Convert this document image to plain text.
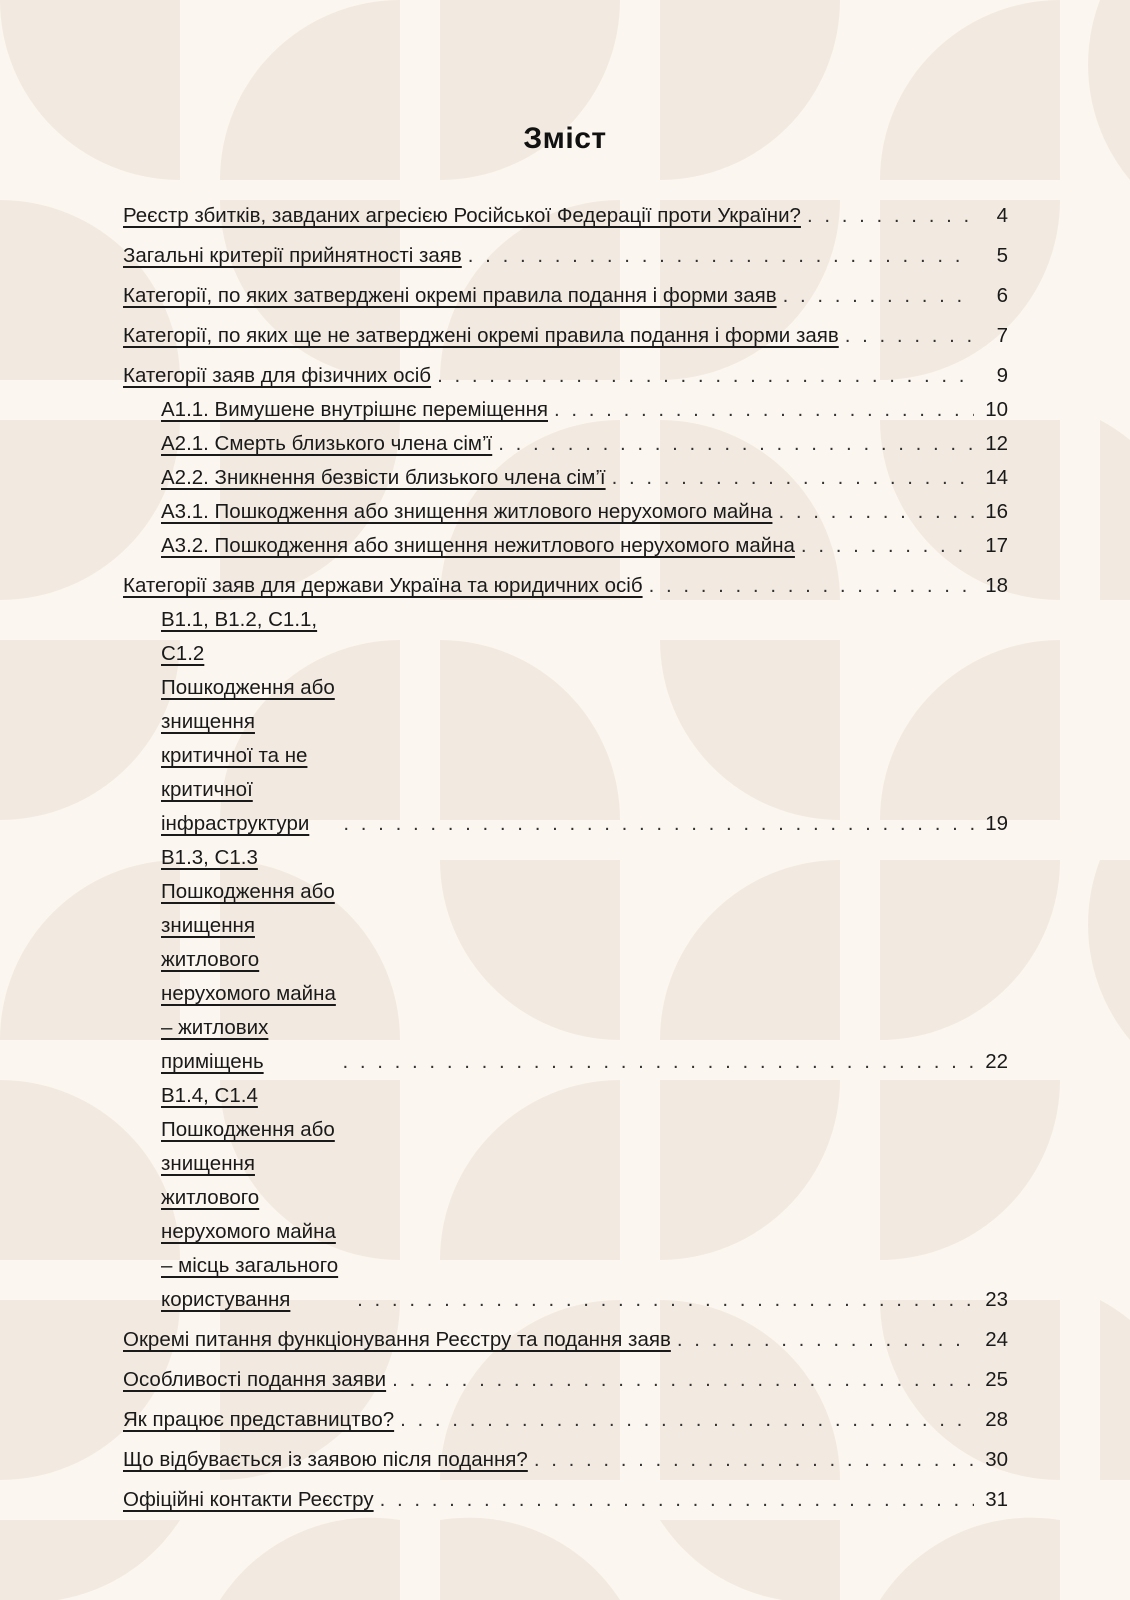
Зміст
Реєстр збитків, завданих агресією Російської Федерації проти України? . . .	4
Загальні критерії прийнятності заяв . . .	5
Категорії, по яких затверджені окремі правила подання і форми заяв . . .	6
Категорії, по яких ще не затверджені окремі правила подання і форми заяв . . .	7
Категорії заяв для фізичних осіб . . .	9
А1.1. Вимушене внутрішнє переміщення . . .	10
А2.1. Смерть близького члена сім’ї . . .	12
А2.2. Зникнення безвісти близького члена сім’ї . . .	14
А3.1. Пошкодження або знищення житлового нерухомого майна . . .	16
А3.2. Пошкодження або знищення нежитлового нерухомого майна . . .	17
Категорії заяв для держави Україна та юридичних осіб . . .	18
B1.1, B1.2, C1.1, C1.2 Пошкодження або знищення критичної та не критичної інфраструктури . . .	19
B1.3, C1.3 Пошкодження або знищення житлового нерухомого майна – житлових приміщень . . .	22
B1.4, C1.4 Пошкодження або знищення житлового нерухомого майна – місць загального користування . . .	23
Окремі питання функціонування Реєстру та подання заяв . . .	24
Особливості подання заяви . . .	25
Як працює представництво? . . .	28
Що відбувається із заявою після подання? . . .	30
Офіційні контакти Реєстру . . .	31
